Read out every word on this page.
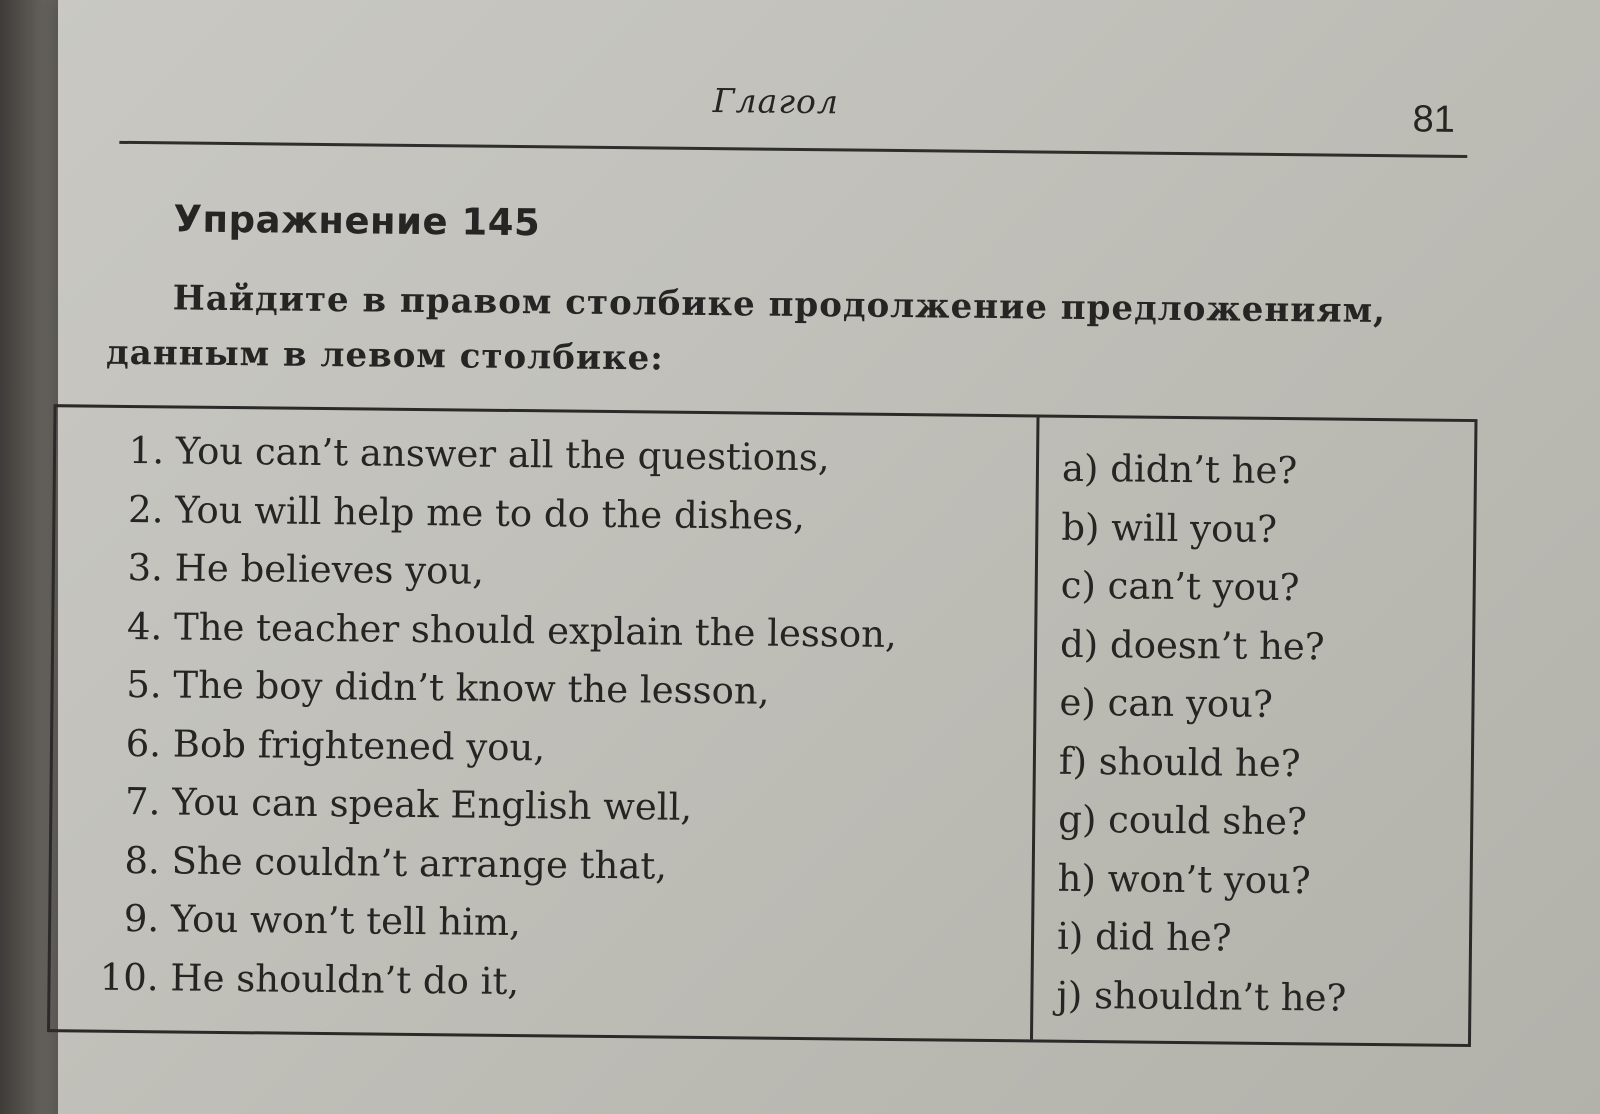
Глагол	81
Упражнение 145
Найдите в правом столбике продолжение предложениям, данным в левом столбике:
1. You can’t answer all the questions,
2. You will help me to do the dishes,
3. He believes you,
4. The teacher should explain the lesson,
5. The boy didn’t know the lesson,
6. Bob frightened you,
7. You can speak English well,
8. She couldn’t arrange that,
9. You won’t tell him,
10. He shouldn’t do it,
a) didn’t he?
b) will you?
c) can’t you?
d) doesn’t he?
e) can you?
f) should he?
g) could she?
h) won’t you?
i) did he?
j) shouldn’t he?
